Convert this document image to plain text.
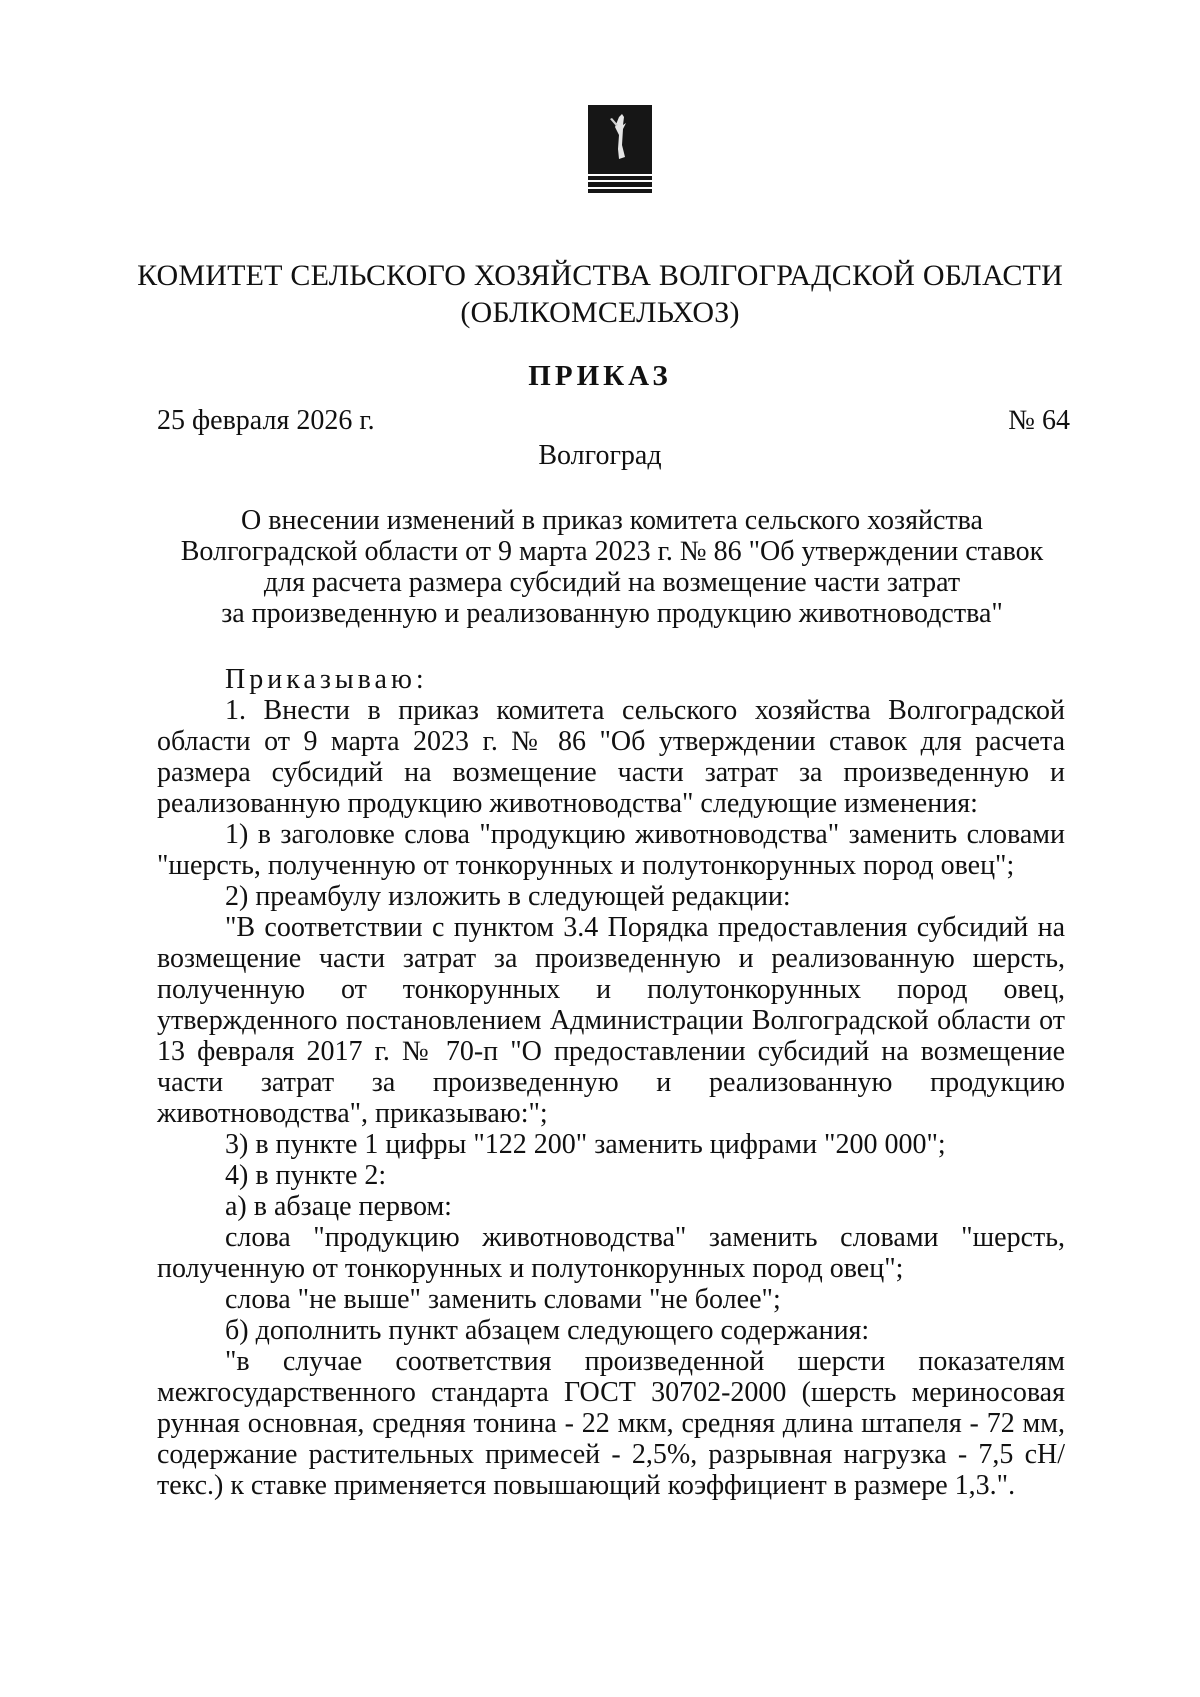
КОМИТЕТ СЕЛЬСКОГО ХОЗЯЙСТВА ВОЛГОГРАДСКОЙ ОБЛАСТИ
(ОБЛКОМСЕЛЬХОЗ)
ПРИКАЗ
25 февраля 2026 г.	№ 64
Волгоград
О внесении изменений в приказ комитета сельского хозяйства
Волгоградской области от 9 марта 2023 г. № 86 "Об утверждении ставок
для расчета размера субсидий на возмещение части затрат
за произведенную и реализованную продукцию животноводства"

Приказываю:

1. Внести в приказ комитета сельского хозяйства Волгоградской области от 9 марта 2023 г. № 86 "Об утверждении ставок для расчета размера субсидий на возмещение части затрат за произведенную и реализованную продукцию животноводства" следующие изменения:

1) в заголовке слова "продукцию животноводства" заменить словами "шерсть, полученную от тонкорунных и полутонкорунных пород овец";

2) преамбулу изложить в следующей редакции:

"В соответствии с пунктом 3.4 Порядка предоставления субсидий на возмещение части затрат за произведенную и реализованную шерсть, полученную от тонкорунных и полутонкорунных пород овец, утвержденного постановлением Администрации Волгоградской области от 13 февраля 2017 г. № 70-п "О предоставлении субсидий на возмещение части затрат за произведенную и реализованную продукцию животноводства", приказываю:";

3) в пункте 1 цифры "122 200" заменить цифрами "200 000";

4) в пункте 2:

а) в абзаце первом:

слова "продукцию животноводства" заменить словами "шерсть, полученную от тонкорунных и полутонкорунных пород овец";

слова "не выше" заменить словами "не более";

б) дополнить пункт абзацем следующего содержания:

"в случае соответствия произведенной шерсти показателям межгосударственного стандарта ГОСТ 30702-2000 (шерсть мериносовая рунная основная, средняя тонина - 22 мкм, средняя длина штапеля - 72 мм, содержание растительных примесей - 2,5%, разрывная нагрузка - 7,5 сН/текс.) к ставке применяется повышающий коэффициент в размере 1,3.".
